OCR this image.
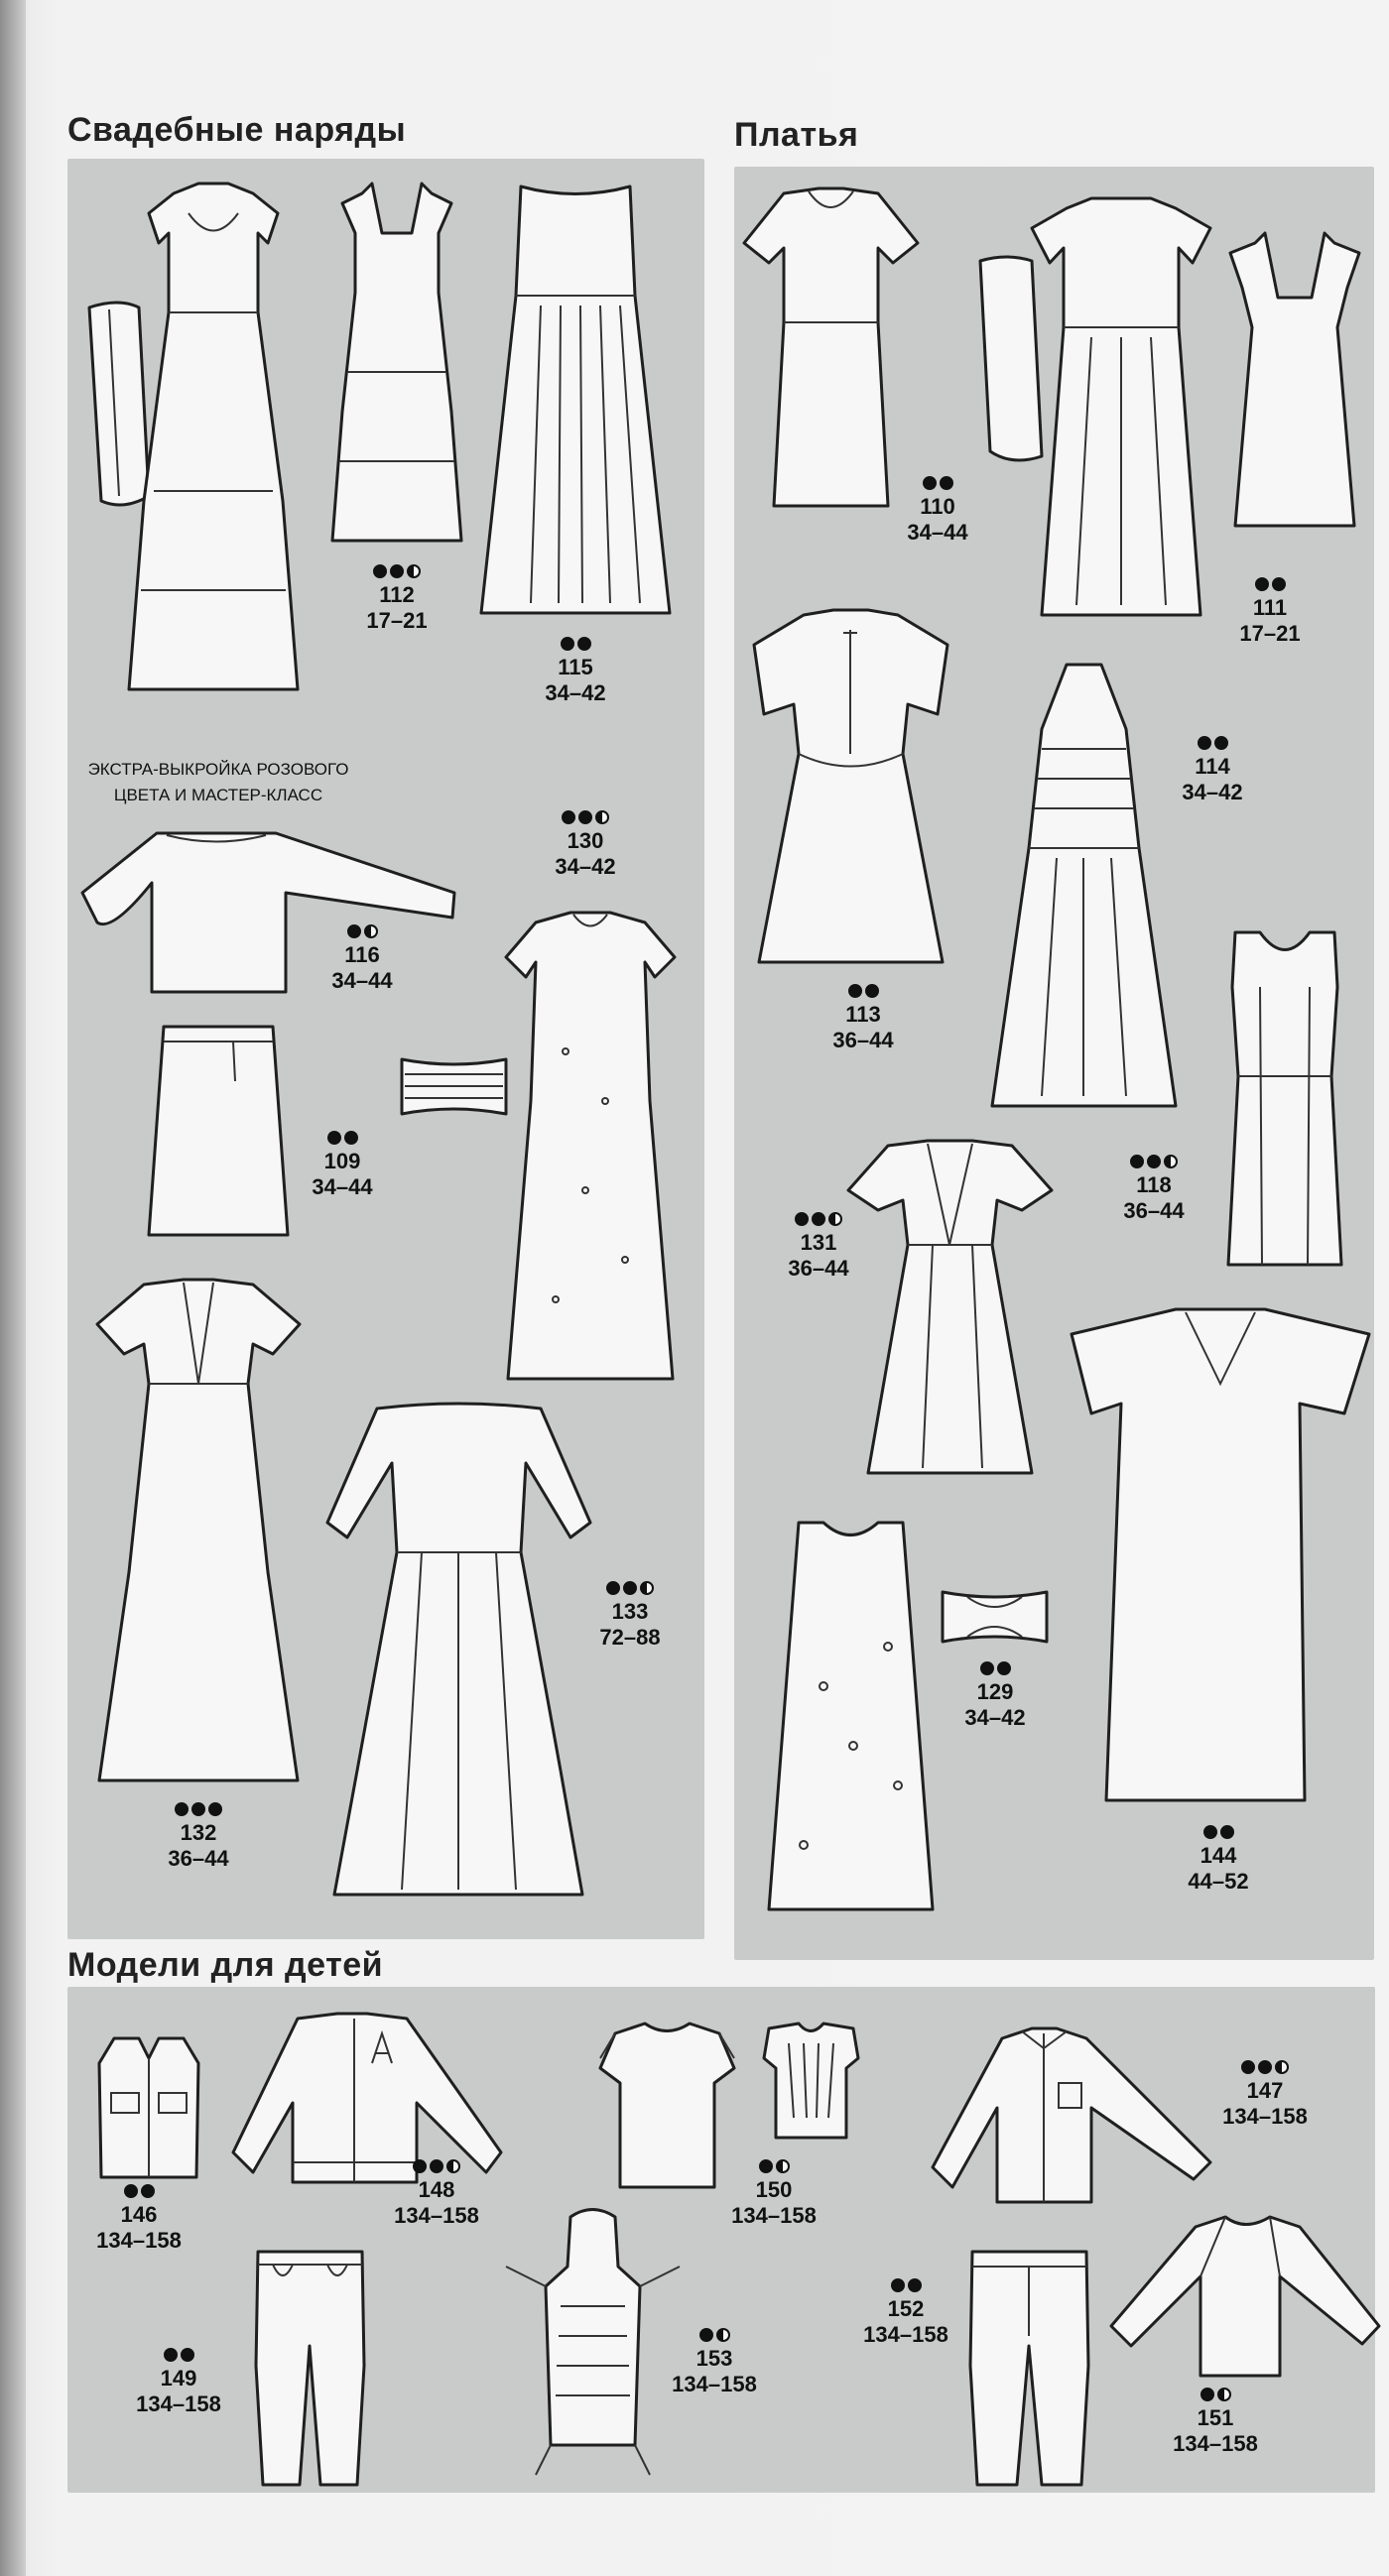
Свадебные наряды	Платья
Модели для детей
112
17–21
115
34–42
ЭКСТРА-ВЫКРОЙКА РОЗОВОГО
ЦВЕТА И МАСТЕР-КЛАСС
130
34–42
116
34–44
109
34–44
132
36–44
133
72–88
110
34–44
111
17–21
113
36–44
114
34–42
118
36–44
131
36–44
144
44–52
129
34–42
146
134–158
148
134–158
150
134–158
147
134–158
149
134–158
153
134–158
152
134–158
151
134–158
